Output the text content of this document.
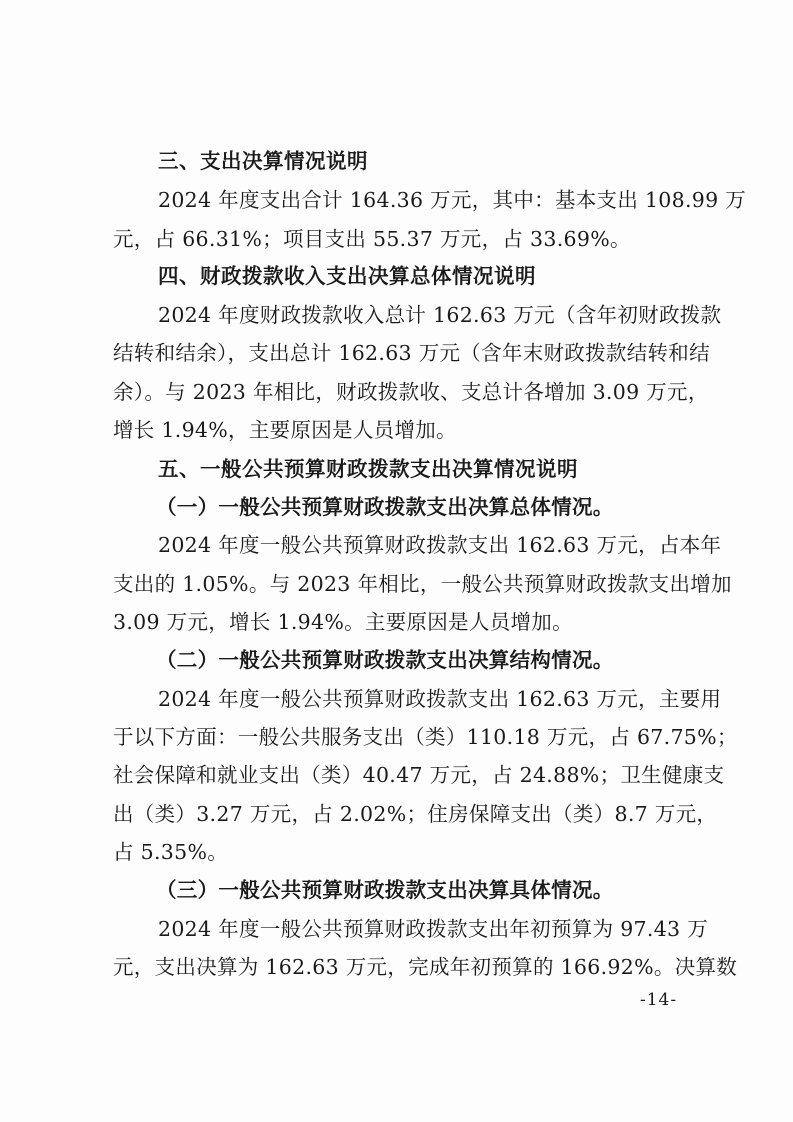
三、支出决算情况说明
2024 年度支出合计 164.36 万元，其中：基本支出 108.99 万
元，占 66.31%；项目支出 55.37 万元，占 33.69%。
四、财政拨款收入支出决算总体情况说明
2024 年度财政拨款收入总计 162.63 万元（含年初财政拨款
结转和结余），支出总计 162.63 万元（含年末财政拨款结转和结
余）。与 2023 年相比，财政拨款收、支总计各增加 3.09 万元，
增长 1.94%，主要原因是人员增加。
五、一般公共预算财政拨款支出决算情况说明
（一）一般公共预算财政拨款支出决算总体情况。
2024 年度一般公共预算财政拨款支出 162.63 万元，占本年
支出的 1.05%。与 2023 年相比，一般公共预算财政拨款支出增加
3.09 万元，增长 1.94%。主要原因是人员增加。
（二）一般公共预算财政拨款支出决算结构情况。
2024 年度一般公共预算财政拨款支出 162.63 万元，主要用
于以下方面：一般公共服务支出（类）110.18 万元，占 67.75%；
社会保障和就业支出（类）40.47 万元，占 24.88%；卫生健康支
出（类）3.27 万元，占 2.02%；住房保障支出（类）8.7 万元，
占 5.35%。
（三）一般公共预算财政拨款支出决算具体情况。
2024 年度一般公共预算财政拨款支出年初预算为 97.43 万
元，支出决算为 162.63 万元，完成年初预算的 166.92%。决算数
-14-
